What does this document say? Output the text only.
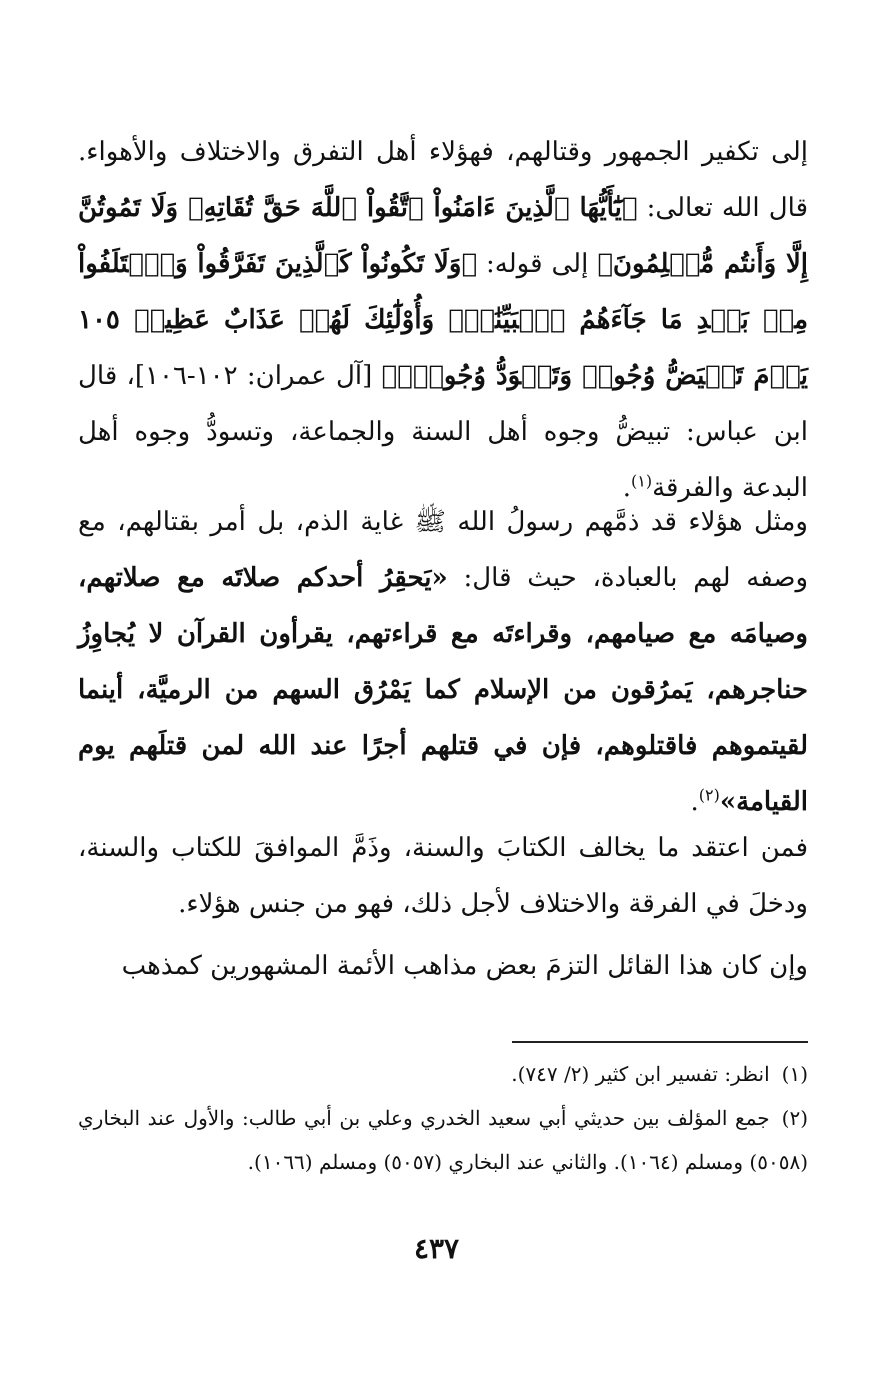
إلى تكفير الجمهور وقتالهم، فهؤلاء أهل التفرق والاختلاف والأهواء. قال الله تعالى: ﴿يَٰٓأَيُّهَا ٱلَّذِينَ ءَامَنُواْ ٱتَّقُواْ ٱللَّهَ حَقَّ تُقَاتِهِۦ وَلَا تَمُوتُنَّ إِلَّا وَأَنتُم مُّسۡلِمُونَ﴾ إلى قوله: ﴿وَلَا تَكُونُواْ كَٱلَّذِينَ تَفَرَّقُواْ وَٱخۡتَلَفُواْ مِنۢ بَعۡدِ مَا جَآءَهُمُ ٱلۡبَيِّنَٰتُۚ وَأُوْلَٰٓئِكَ لَهُمۡ عَذَابٌ عَظِيمٞ ١٠٥ يَوۡمَ تَبۡيَضُّ وُجُوهٞ وَتَسۡوَدُّ وُجُوهٞۚ﴾ [آل عمران: ١٠٢-١٠٦]، قال ابن عباس: تبيضُّ وجوه أهل السنة والجماعة، وتسودُّ وجوه أهل البدعة والفرقة$^{(١)}$.
ومثل هؤلاء قد ذمَّهم رسولُ الله ﷺ غاية الذم، بل أمر بقتالهم، مع وصفه لهم بالعبادة، حيث قال: «يَحقِرُ أحدكم صلاتَه مع صلاتهم، وصيامَه مع صيامهم، وقراءتَه مع قراءتهم، يقرأون القرآن لا يُجاوِزُ حناجرهم، يَمرُقون من الإسلام كما يَمْرُق السهم من الرميَّة، أينما لقيتموهم فاقتلوهم، فإن في قتلهم أجرًا عند الله لمن قتلَهم يوم القيامة»$^{(٢)}$.
فمن اعتقد ما يخالف الكتابَ والسنة، وذَمَّ الموافقَ للكتاب والسنة، ودخلَ في الفرقة والاختلاف لأجل ذلك، فهو من جنس هؤلاء.
وإن كان هذا القائل التزمَ بعض مذاهب الأئمة المشهورين كمذهب

(١)انظر: تفسير ابن كثير (٢/ ٧٤٧).

(٢)جمع المؤلف بين حديثي أبي سعيد الخدري وعلي بن أبي طالب: والأول عند البخاري (٥٠٥٨) ومسلم (١٠٦٤). والثاني عند البخاري (٥٠٥٧) ومسلم (١٠٦٦).

٤٣٧
